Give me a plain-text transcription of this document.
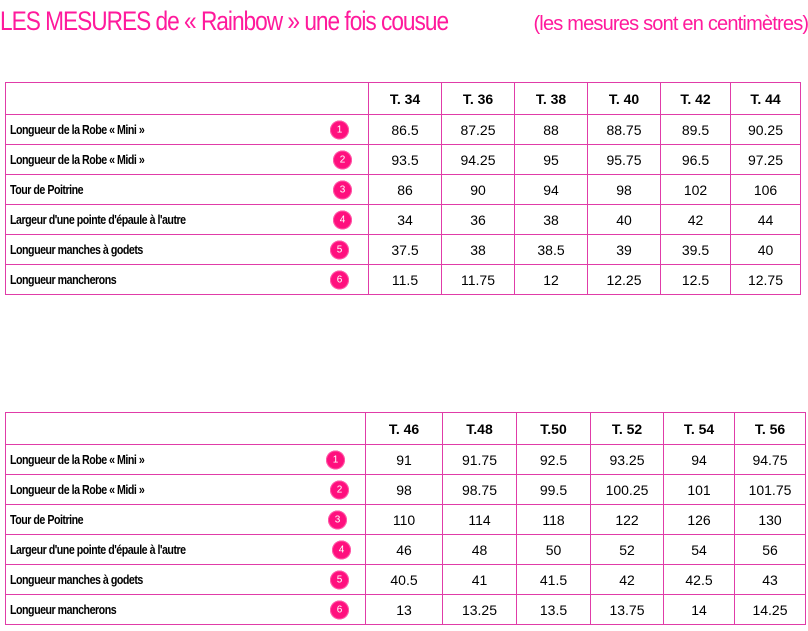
LES MESURES de « Rainbow » une fois cousue	(les mesures sont en centimètres)
	T. 34	T. 36	T. 38	T. 40	T. 42	T. 44
Longueur de la Robe « Mini » 1	86.5	87.25	88	88.75	89.5	90.25
Longueur de la Robe « Midi » 2	93.5	94.25	95	95.75	96.5	97.25
Tour de Poitrine 3	86	90	94	98	102	106
Largeur d'une pointe d'épaule à l'autre 4	34	36	38	40	42	44
Longueur manches à godets 5	37.5	38	38.5	39	39.5	40
Longueur mancherons 6	11.5	11.75	12	12.25	12.5	12.75
	T. 46	T.48	T.50	T. 52	T. 54	T. 56
Longueur de la Robe « Mini » 1	91	91.75	92.5	93.25	94	94.75
Longueur de la Robe « Midi » 2	98	98.75	99.5	100.25	101	101.75
Tour de Poitrine 3	110	114	118	122	126	130
Largeur d'une pointe d'épaule à l'autre 4	46	48	50	52	54	56
Longueur manches à godets 5	40.5	41	41.5	42	42.5	43
Longueur mancherons 6	13	13.25	13.5	13.75	14	14.25
